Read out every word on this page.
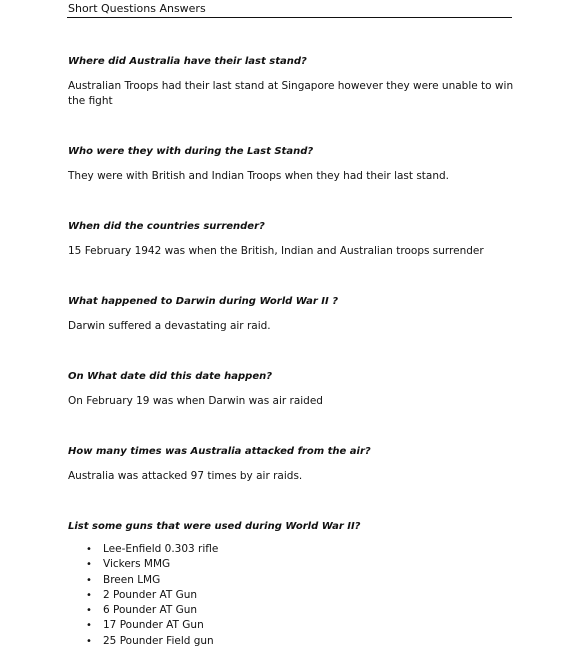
Short Questions Answers
Where did Australia have their last stand?
Australian Troops had their last stand at Singapore however they were unable to win the fight
Who were they with during the Last Stand?
They were with British and Indian Troops when they had their last stand.
When did the countries surrender?
15 February 1942 was when the British, Indian and Australian troops surrender
What happened to Darwin during World War II ?
Darwin suffered a devastating air raid.
On What date did this date happen?
On February 19 was when Darwin was air raided
How many times was Australia attacked from the air?
Australia was attacked 97 times by air raids.
List some guns that were used during World War II?
• Lee-Enfield 0.303 rifle
• Vickers MMG
• Breen LMG
• 2 Pounder AT Gun
• 6 Pounder AT Gun
• 17 Pounder AT Gun
• 25 Pounder Field gun
